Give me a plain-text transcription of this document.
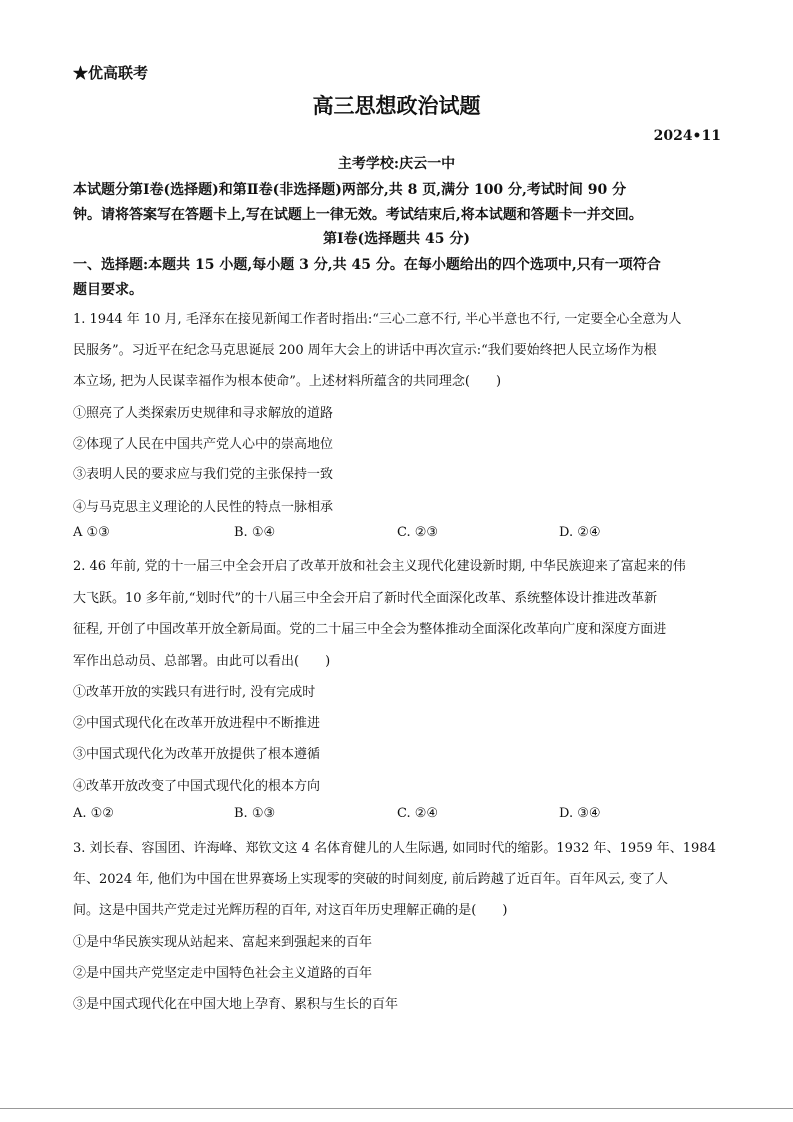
★优高联考
高三思想政治试题
2024•11
主考学校:庆云一中
本试题分第Ⅰ卷(选择题)和第Ⅱ卷(非选择题)两部分,共 8 页,满分 100 分,考试时间 90 分
钟。请将答案写在答题卡上,写在试题上一律无效。考试结束后,将本试题和答题卡一并交回。
第Ⅰ卷(选择题共 45 分)
一、选择题:本题共 15 小题,每小题 3 分,共 45 分。在每小题给出的四个选项中,只有一项符合
题目要求。
1. 1944 年 10 月, 毛泽东在接见新闻工作者时指出:“三心二意不行, 半心半意也不行, 一定要全心全意为人
民服务”。习近平在纪念马克思诞辰 200 周年大会上的讲话中再次宣示:“我们要始终把人民立场作为根
本立场, 把为人民谋幸福作为根本使命”。上述材料所蕴含的共同理念(　　)
①照亮了人类探索历史规律和寻求解放的道路
②体现了人民在中国共产党人心中的崇高地位
③表明人民的要求应与我们党的主张保持一致
④与马克思主义理论的人民性的特点一脉相承
A ①③	B. ①④	C. ②③	D. ②④
2. 46 年前, 党的十一届三中全会开启了改革开放和社会主义现代化建设新时期, 中华民族迎来了富起来的伟
大飞跃。10 多年前,“划时代”的十八届三中全会开启了新时代全面深化改革、系统整体设计推进改革新
征程, 开创了中国改革开放全新局面。党的二十届三中全会为整体推动全面深化改革向广度和深度方面进
军作出总动员、总部署。由此可以看出(　　)
①改革开放的实践只有进行时, 没有完成时
②中国式现代化在改革开放进程中不断推进
③中国式现代化为改革开放提供了根本遵循
④改革开放改变了中国式现代化的根本方向
A. ①②	B. ①③	C. ②④	D. ③④
3. 刘长春、容国团、许海峰、郑钦文这 4 名体育健儿的人生际遇, 如同时代的缩影。1932 年、1959 年、1984
年、2024 年, 他们为中国在世界赛场上实现零的突破的时间刻度, 前后跨越了近百年。百年风云, 变了人
间。这是中国共产党走过光辉历程的百年, 对这百年历史理解正确的是(　　)
①是中华民族实现从站起来、富起来到强起来的百年
②是中国共产党坚定走中国特色社会主义道路的百年
③是中国式现代化在中国大地上孕育、累积与生长的百年
